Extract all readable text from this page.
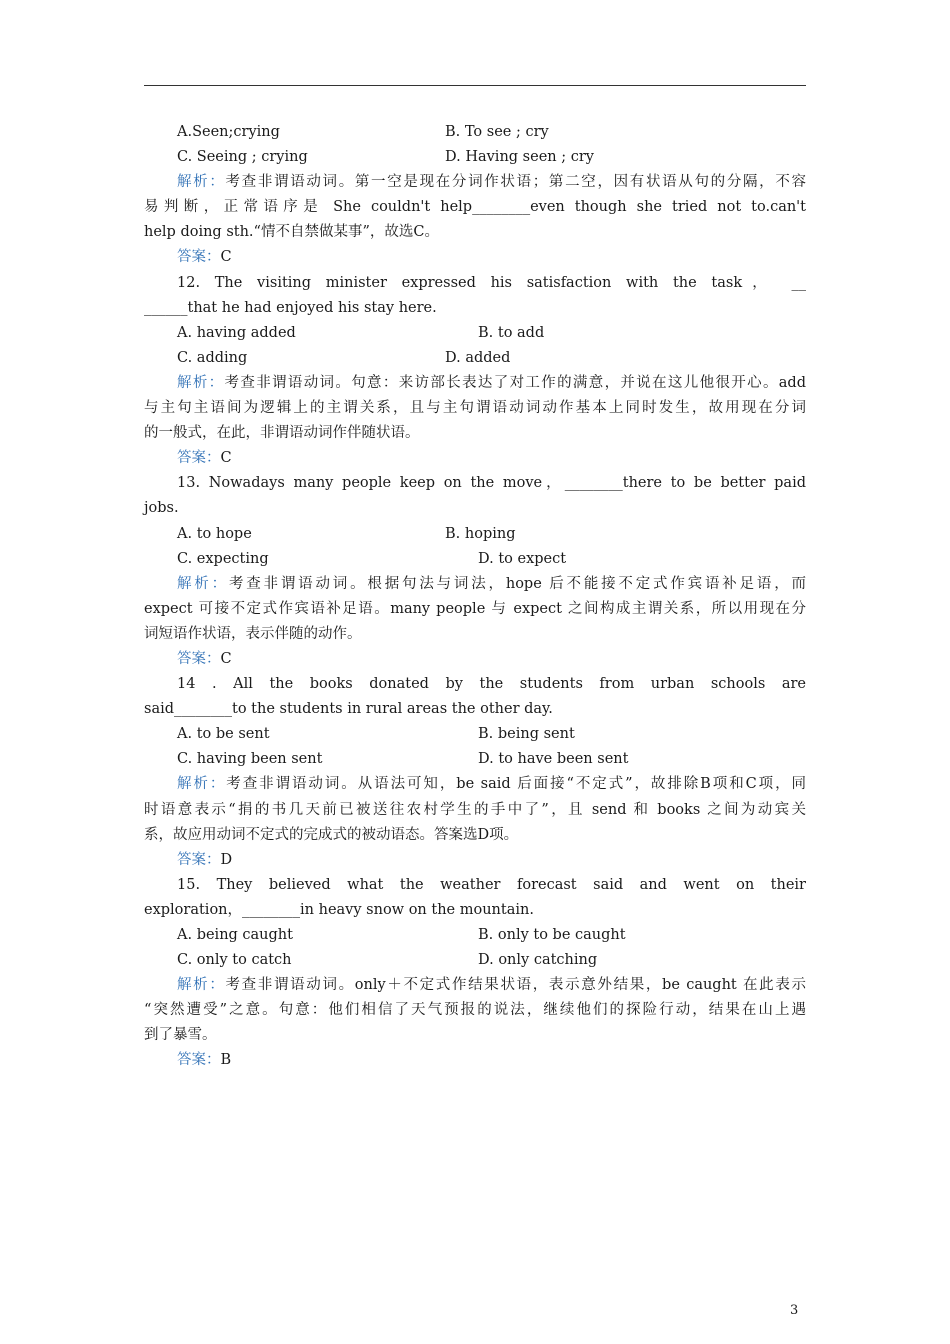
A.Seen;crying	B. To see ; cry
C. Seeing ; crying	D. Having seen ; cry
解析：考查非谓语动词。第一空是现在分词作状语；第二空，因有状语从句的分隔，不容
易判断，正常语序是 She couldn't help________even though she tried not to.can't
help doing sth.“情不自禁做某事”，故选C。
答案：C
12. The visiting minister expressed his satisfaction with the task， __
______that he had enjoyed his stay here.
A. having added	B. to add
C. adding	D. added
解析：考查非谓语动词。句意：来访部长表达了对工作的满意，并说在这儿他很开心。add
与主句主语间为逻辑上的主谓关系，且与主句谓语动词动作基本上同时发生，故用现在分词
的一般式，在此，非谓语动词作伴随状语。
答案：C
13. Nowadays many people keep on the move，________there to be better paid
jobs.
A. to hope	B. hoping
C. expecting	D. to expect
解析：考查非谓语动词。根据句法与词法，hope 后不能接不定式作宾语补足语，而
expect 可接不定式作宾语补足语。many people 与 expect 之间构成主谓关系，所以用现在分
词短语作状语，表示伴随的动作。
答案：C
14 . All the books donated by the students from urban schools are
said________to the students in rural areas the other day.
A. to be sent	B. being sent
C. having been sent	D. to have been sent
解析：考查非谓语动词。从语法可知，be said 后面接“不定式”，故排除B项和C项，同
时语意表示“捐的书几天前已被送往农村学生的手中了”，且 send 和 books 之间为动宾关
系，故应用动词不定式的完成式的被动语态。答案选D项。
答案：D
15. They believed what the weather forecast said and went on their
exploration，________in heavy snow on the mountain.
A. being caught	B. only to be caught
C. only to catch	D. only catching
解析：考查非谓语动词。only＋不定式作结果状语，表示意外结果，be caught 在此表示
“突然遭受”之意。句意：他们相信了天气预报的说法，继续他们的探险行动，结果在山上遇
到了暴雪。
答案：B
3
